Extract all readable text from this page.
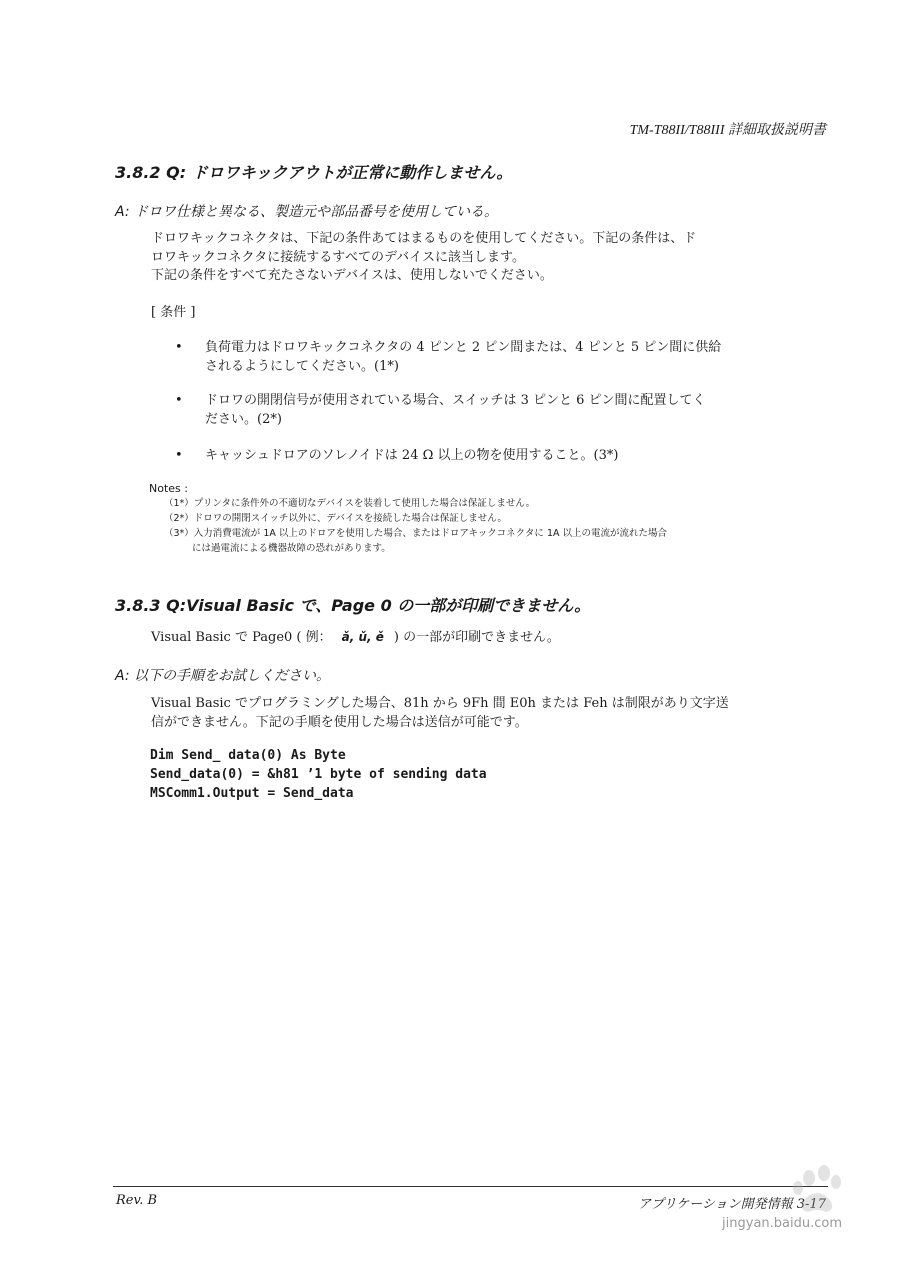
TM-T88II/T88III 詳細取扱説明書
3.8.2 Q: ドロワキックアウトが正常に動作しません。
A: ドロワ仕様と異なる、製造元や部品番号を使用している。
ドロワキックコネクタは、下記の条件あてはまるものを使用してください。下記の条件は、ド
ロワキックコネクタに接続するすべてのデバイスに該当します。
下記の条件をすべて充たさないデバイスは、使用しないでください。
[ 条件 ]
• 負荷電力はドロワキックコネクタの 4 ピンと 2 ピン間または、4 ピンと 5 ピン間に供給
されるようにしてください。(1*)
• ドロワの開閉信号が使用されている場合、スイッチは 3 ピンと 6 ピン間に配置してく
ださい。(2*)
• キャッシュドロアのソレノイドは 24 Ω 以上の物を使用すること。(3*)
Notes :
（1*）プリンタに条件外の不適切なデバイスを装着して使用した場合は保証しません。
（2*）ドロワの開閉スイッチ以外に、デバイスを接続した場合は保証しません。
（3*）入力消費電流が 1A 以上のドロアを使用した場合、またはドロアキックコネクタに 1A 以上の電流が流れた場合
には過電流による機器故障の恐れがあります。
3.8.3 Q:Visual Basic で、Page 0 の一部が印刷できません。
Visual Basic で Page0 ( 例： ǎ, ǔ, ě ) の一部が印刷できません。
A: 以下の手順をお試しください。
Visual Basic でプログラミングした場合、81h から 9Fh 間 E0h または Feh は制限があり文字送
信ができません。下記の手順を使用した場合は送信が可能です。
Dim Send_ data(0) As Byte
Send_data(0) = &h81 ’1 byte of sending data
MSComm1.Output = Send_data
Rev. B	アプリケーション開発情報 3-17
jingyan.baidu.com
